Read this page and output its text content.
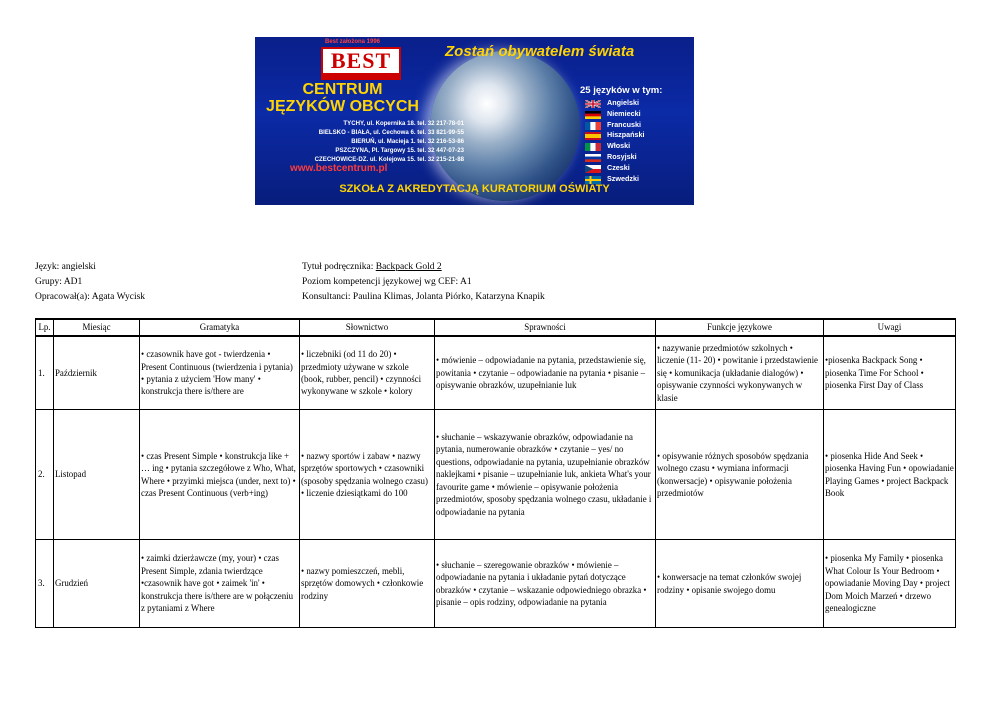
Best założona 1996
BEST	Zostań obywatelem świata
CENTRUM
JĘZYKÓW OBCYCH
TYCHY, ul. Kopernika 18. tel. 32 217-78-01
BIELSKO - BIAŁA, ul. Cechowa 6. tel. 33 821-99-55
BIERUŃ, ul. Macieja 1. tel. 32 216-53-86
PSZCZYNA, Pl. Targowy 15. tel. 32 447-07-23
CZECHOWICE-DZ. ul. Kolejowa 15. tel. 32 215-21-88
www.bestcentrum.pl
25 języków w tym:
Angielski
Niemiecki
Francuski
Hiszpański
Włoski
Rosyjski
Czeski
Szwedzki
SZKOŁA Z AKREDYTACJĄ KURATORIUM OŚWIATY
Język: angielski
Grupy: AD1
Opracował(a): Agata Wycisk
Tytuł podręcznika: Backpack Gold 2
Poziom kompetencji językowej wg CEF: A1
Konsultanci: Paulina Klimas, Jolanta Piórko, Katarzyna Knapik
Lp.	Miesiąc	Gramatyka	Słownictwo	Sprawności	Funkcje językowe	Uwagi
1.	Październik	• czasownik have got - twierdzenia • Present Continuous (twierdzenia i pytania) • pytania z użyciem 'How many' • konstrukcja there is/there are	• liczebniki (od 11 do 20) • przedmioty używane w szkole (book, rubber, pencil) • czynności wykonywane w szkole • kolory	• mówienie – odpowiadanie na pytania, przedstawienie się, powitania • czytanie – odpowiadanie na pytania • pisanie – opisywanie obrazków, uzupełnianie luk	• nazywanie przedmiotów szkolnych • liczenie (11- 20) • powitanie i przedstawienie się • komunikacja (układanie dialogów) • opisywanie czynności wykonywanych w klasie	•piosenka Backpack Song • piosenka Time For School • piosenka First Day of Class
2.	Listopad	• czas Present Simple • konstrukcja like + … ing • pytania szczegółowe z Who, What, Where • przyimki miejsca (under, next to) • czas Present Continuous (verb+ing)	• nazwy sportów i zabaw • nazwy sprzętów sportowych • czasowniki (sposoby spędzania wolnego czasu) • liczenie dziesiątkami do 100	• słuchanie – wskazywanie obrazków, odpowiadanie na pytania, numerowanie obrazków • czytanie – yes/ no questions, odpowiadanie na pytania, uzupełnianie obrazków naklejkami • pisanie – uzupełnianie luk, ankieta What's your favourite game • mówienie – opisywanie położenia przedmiotów, sposoby spędzania wolnego czasu, układanie i odpowiadanie na pytania	• opisywanie różnych sposobów spędzania wolnego czasu • wymiana informacji (konwersacje) • opisywanie położenia przedmiotów	• piosenka Hide And Seek • piosenka Having Fun • opowiadanie Playing Games • project Backpack Book
3.	Grudzień	• zaimki dzierżawcze (my, your) • czas Present Simple, zdania twierdzące •czasownik have got • zaimek 'in' • konstrukcja there is/there are w połączeniu z pytaniami z Where	• nazwy pomieszczeń, mebli, sprzętów domowych • członkowie rodziny	• słuchanie – szeregowanie obrazków • mówienie – odpowiadanie na pytania i układanie pytań dotyczące obrazków • czytanie – wskazanie odpowiedniego obrazka • pisanie – opis rodziny, odpowiadanie na pytania	• konwersacje na temat członków swojej rodziny • opisanie swojego domu	• piosenka My Family • piosenka What Colour Is Your Bedroom • opowiadanie Moving Day • project Dom Moich Marzeń • drzewo genealogiczne
